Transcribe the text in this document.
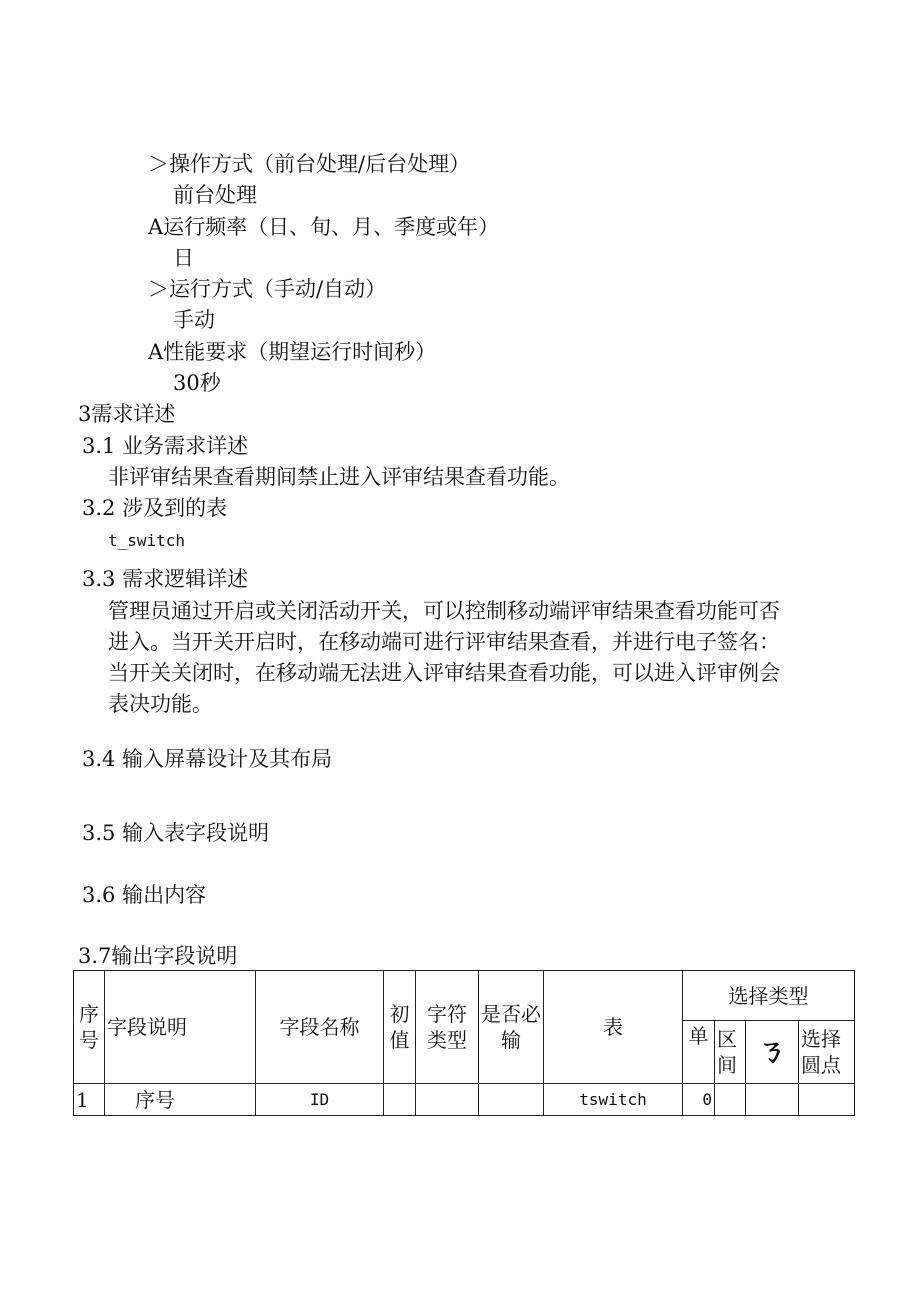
＞操作方式（前台处理/后台处理）
前台处理
A运行频率（日、旬、月、季度或年）
日
＞运行方式（手动/自动）
手动
A性能要求（期望运行时间秒）
30秒
3需求详述
3.1 业务需求详述
非评审结果查看期间禁止进入评审结果查看功能。
3.2 涉及到的表
t_switch
3.3 需求逻辑详述
管理员通过开启或关闭活动开关，可以控制移动端评审结果查看功能可否
进入。当开关开启时，在移动端可进行评审结果查看，并进行电子签名：
当开关关闭时，在移动端无法进入评审结果查看功能，可以进入评审例会
表决功能。
3.4 输入屏幕设计及其布局
3.5 输入表字段说明
3.6 输出内容
3.7输出字段说明
序号	字段说明	字段名称	初值	字符类型	是否必输	表	选择类型			
							单	区间	ㄋ	选择圆点
1	序号	ID				tswitch	0			
